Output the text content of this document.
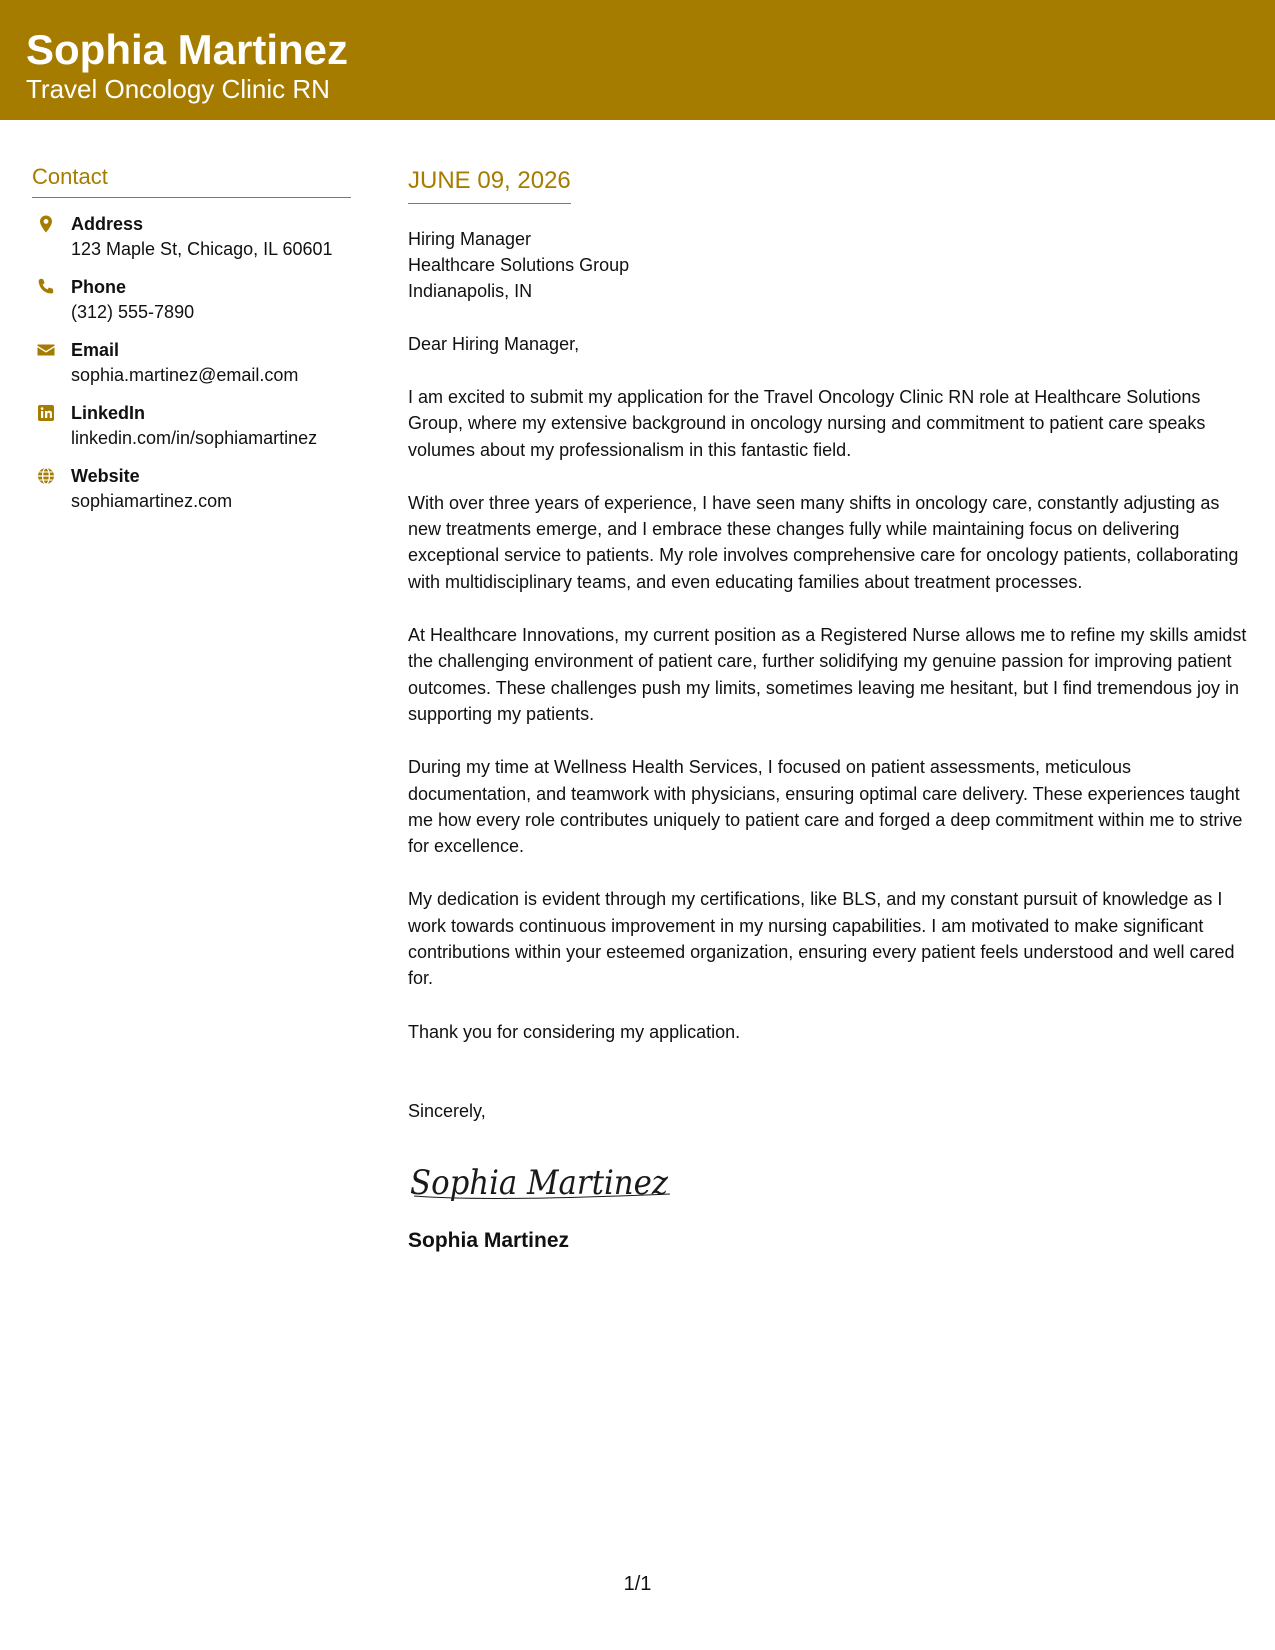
Sophia Martinez
Travel Oncology Clinic RN
Contact
Address
123 Maple St, Chicago, IL 60601
Phone
(312) 555-7890
Email
sophia.martinez@email.com
LinkedIn
linkedin.com/in/sophiamartinez
Website
sophiamartinez.com
JUNE 09, 2026
Hiring Manager
Healthcare Solutions Group
Indianapolis, IN
Dear Hiring Manager,
I am excited to submit my application for the Travel Oncology Clinic RN role at Healthcare Solutions Group, where my extensive background in oncology nursing and commitment to patient care speaks volumes about my professionalism in this fantastic field.
With over three years of experience, I have seen many shifts in oncology care, constantly adjusting as new treatments emerge, and I embrace these changes fully while maintaining focus on delivering exceptional service to patients. My role involves comprehensive care for oncology patients, collaborating with multidisciplinary teams, and even educating families about treatment processes.
At Healthcare Innovations, my current position as a Registered Nurse allows me to refine my skills amidst the challenging environment of patient care, further solidifying my genuine passion for improving patient outcomes. These challenges push my limits, sometimes leaving me hesitant, but I find tremendous joy in supporting my patients.
During my time at Wellness Health Services, I focused on patient assessments, meticulous documentation, and teamwork with physicians, ensuring optimal care delivery. These experiences taught me how every role contributes uniquely to patient care and forged a deep commitment within me to strive for excellence.
My dedication is evident through my certifications, like BLS, and my constant pursuit of knowledge as I work towards continuous improvement in my nursing capabilities. I am motivated to make significant contributions within your esteemed organization, ensuring every patient feels understood and well cared for.
Thank you for considering my application.
Sincerely,
Sophia Martinez
Sophia Martinez
1/1
